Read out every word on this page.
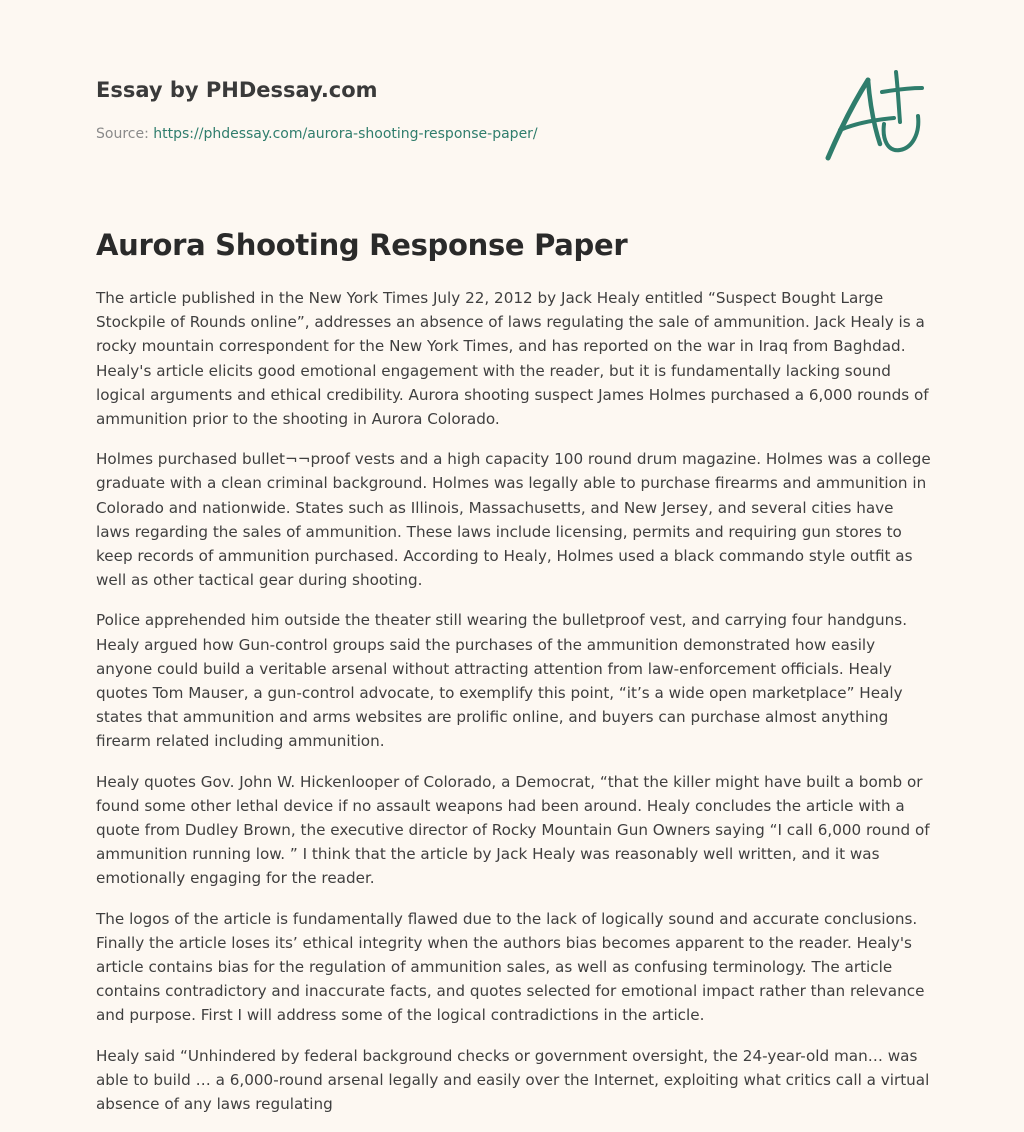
Essay by PHDessay.com
Source: https://phdessay.com/aurora-shooting-response-paper/
Aurora Shooting Response Paper

The article published in the New York Times July 22, 2012 by Jack Healy entitled “Suspect Bought Large Stockpile of Rounds online”, addresses an absence of laws regulating the sale of ammunition. Jack Healy is a rocky mountain correspondent for the New York Times, and has reported on the war in Iraq from Baghdad. Healy's article elicits good emotional engagement with the reader, but it is fundamentally lacking sound logical arguments and ethical credibility. Aurora shooting suspect James Holmes purchased a 6,000 rounds of ammunition prior to the shooting in Aurora Colorado.

Holmes purchased bullet¬¬proof vests and a high capacity 100 round drum magazine. Holmes was a college graduate with a clean criminal background. Holmes was legally able to purchase firearms and ammunition in Colorado and nationwide. States such as Illinois, Massachusetts, and New Jersey, and several cities have laws regarding the sales of ammunition. These laws include licensing, permits and requiring gun stores to keep records of ammunition purchased. According to Healy, Holmes used a black commando style outfit as well as other tactical gear during shooting.

Police apprehended him outside the theater still wearing the bulletproof vest, and carrying four handguns. Healy argued how Gun-control groups said the purchases of the ammunition demonstrated how easily anyone could build a veritable arsenal without attracting attention from law-enforcement officials. Healy quotes Tom Mauser, a gun-control advocate, to exemplify this point, “it’s a wide open marketplace” Healy states that ammunition and arms websites are prolific online, and buyers can purchase almost anything firearm related including ammunition.

Healy quotes Gov. John W. Hickenlooper of Colorado, a Democrat, “that the killer might have built a bomb or found some other lethal device if no assault weapons had been around. Healy concludes the article with a quote from Dudley Brown, the executive director of Rocky Mountain Gun Owners saying “I call 6,000 round of ammunition running low. ” I think that the article by Jack Healy was reasonably well written, and it was emotionally engaging for the reader.

The logos of the article is fundamentally flawed due to the lack of logically sound and accurate conclusions. Finally the article loses its’ ethical integrity when the authors bias becomes apparent to the reader. Healy's article contains bias for the regulation of ammunition sales, as well as confusing terminology. The article contains contradictory and inaccurate facts, and quotes selected for emotional impact rather than relevance and purpose. First I will address some of the logical contradictions in the article.

Healy said “Unhindered by federal background checks or government oversight, the 24-year-old man… was able to build … a 6,000-round arsenal legally and easily over the Internet, exploiting what critics call a virtual absence of any laws regulating
